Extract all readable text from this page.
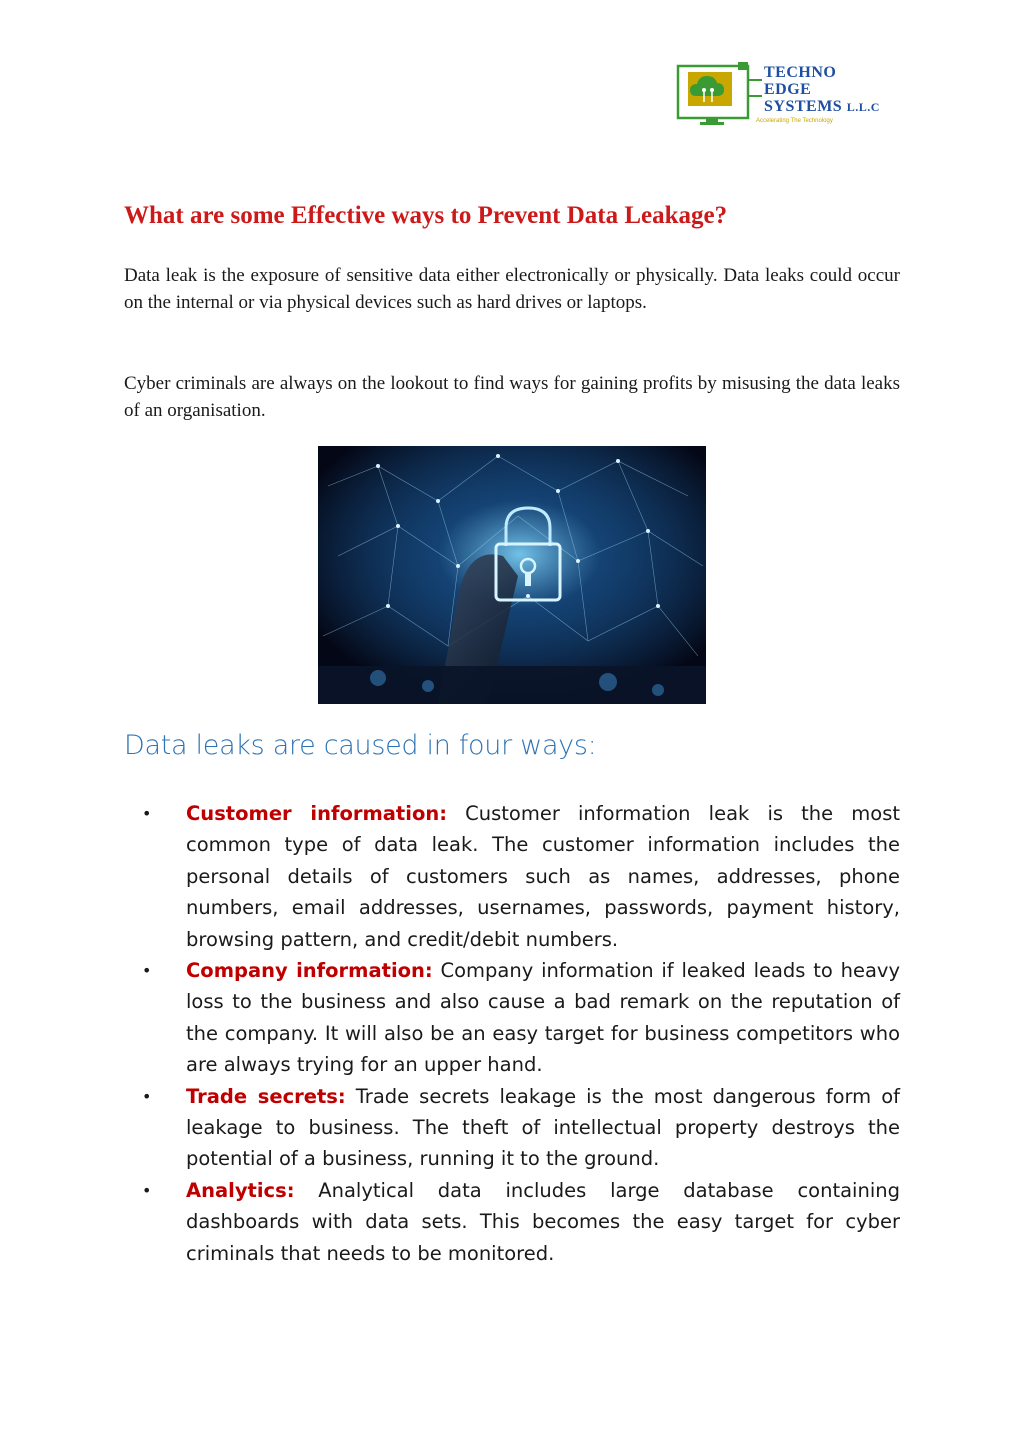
TECHNO
EDGE
SYSTEMS L.L.C
Accelerating The Technology
What are some Effective ways to Prevent Data Leakage?

Data leak is the exposure of sensitive data either electronically or physically. Data leaks could occur on the internal or via physical devices such as hard drives or laptops.

Cyber criminals are always on the lookout to find ways for gaining profits by misusing the data leaks of an organisation.

Data leaks are caused in four ways:
• Customer information: Customer information leak is the most common type of data leak. The customer information includes the personal details of customers such as names, addresses, phone numbers, email addresses, usernames, passwords, payment history, browsing pattern, and credit/debit numbers.
• Company information: Company information if leaked leads to heavy loss to the business and also cause a bad remark on the reputation of the company. It will also be an easy target for business competitors who are always trying for an upper hand.
• Trade secrets: Trade secrets leakage is the most dangerous form of leakage to business. The theft of intellectual property destroys the potential of a business, running it to the ground.
• Analytics: Analytical data includes large database containing dashboards with data sets. This becomes the easy target for cyber criminals that needs to be monitored.
